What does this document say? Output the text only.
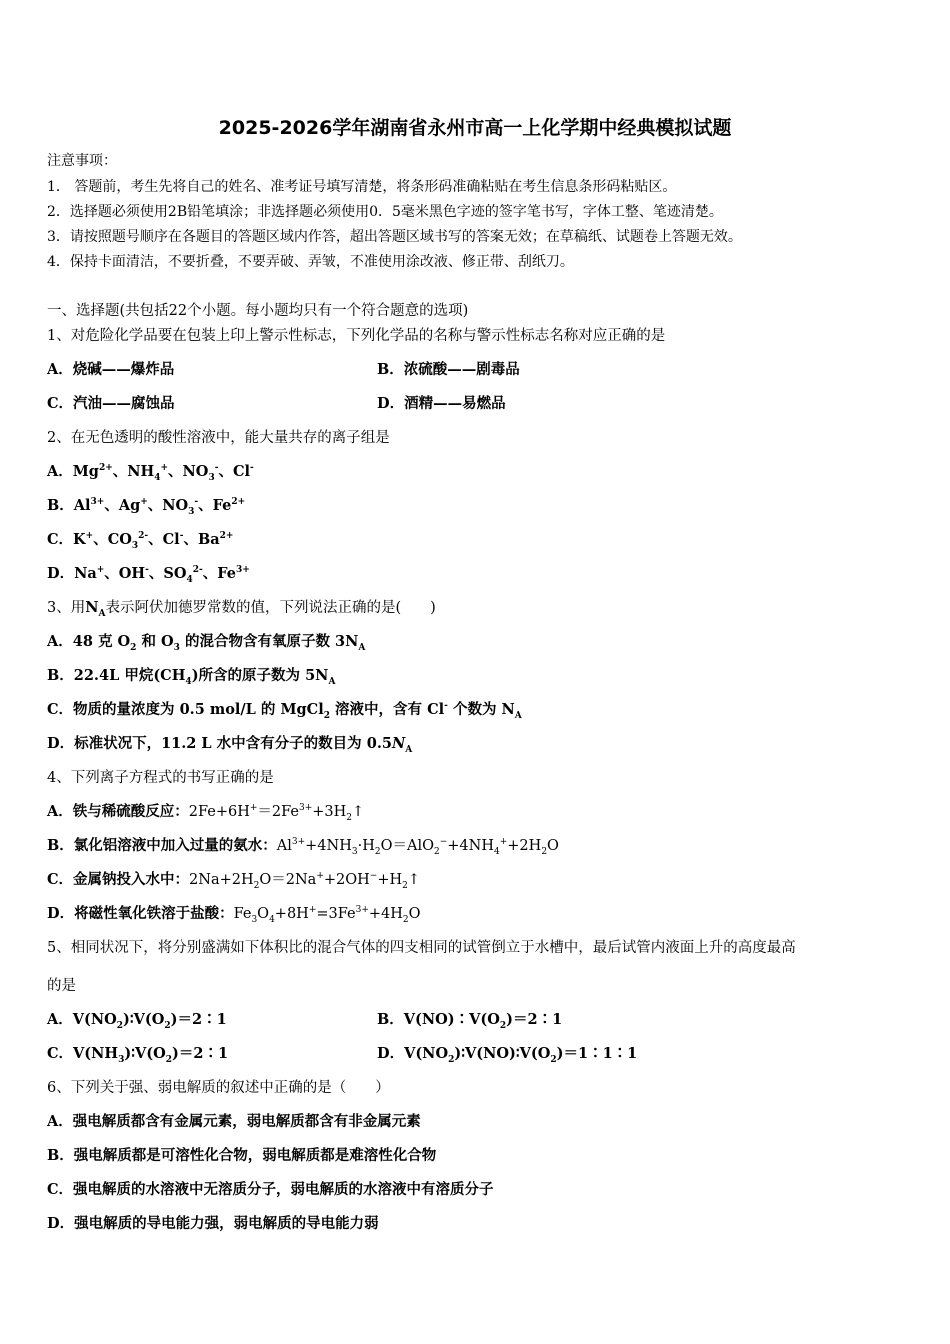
2025-2026学年湖南省永州市高一上化学期中经典模拟试题
注意事项：
1． 答题前，考生先将自己的姓名、准考证号填写清楚，将条形码准确粘贴在考生信息条形码粘贴区。
2．选择题必须使用2B铅笔填涂；非选择题必须使用0．5毫米黑色字迹的签字笔书写，字体工整、笔迹清楚。
3．请按照题号顺序在各题目的答题区域内作答，超出答题区域书写的答案无效；在草稿纸、试题卷上答题无效。
4．保持卡面清洁，不要折叠，不要弄破、弄皱，不准使用涂改液、修正带、刮纸刀。
一、选择题(共包括22个小题。每小题均只有一个符合题意的选项)
1、对危险化学品要在包装上印上警示性标志，下列化学品的名称与警示性标志名称对应正确的是
A．烧碱——爆炸品	B．浓硫酸——剧毒品
C．汽油——腐蚀品	D．酒精——易燃品
2、在无色透明的酸性溶液中，能大量共存的离子组是
A．$Mg^{2+}$、$NH_4^+$、$NO_3^-$、Cl-
B．$Al^{3+}$、Ag+、$NO_3^-$、$Fe^{2+}$
C．K+、$CO_3^{2-}$、Cl-、$Ba^{2+}$
D．Na+、OH-、$SO_4^{2-}$、$Fe^{3+}$
3、用$N_A$表示阿伏加德罗常数的值，下列说法正确的是(　　)
A．48 克 $O_2$ 和 $O_3$ 的混合物含有氧原子数 $3N_A$
B．22.4L 甲烷$(CH_4)$所含的原子数为 $5N_A$
C．物质的量浓度为 0.5 mol/L 的 MgCl$_2$ 溶液中，含有 Cl- 个数为 $N_A$
D．标准状况下，11.2 L 水中含有分子的数目为 $0.5N_A$
4、下列离子方程式的书写正确的是
A．铁与稀硫酸反应：$2Fe+6H^+=2Fe^{3+}+3H_2↑$
B．氯化铝溶液中加入过量的氨水：$Al^{3+}+4NH_3\cdot H_2O=AlO_2^-+4NH_4^++2H_2O$
C．金属钠投入水中：$2Na+2H_2O=2Na^++2OH^-+H_2↑$
D．将磁性氧化铁溶于盐酸：$Fe_3O_4+8H^+=3Fe^{3+}+4H_2O$
5、相同状况下，将分别盛满如下体积比的混合气体的四支相同的试管倒立于水槽中，最后试管内液面上升的高度最高
的是
A．$V(NO_2)∶V(O_2)=2∶1$	B．$V(NO)∶V(O_2)=2∶1$
C．$V(NH_3)∶V(O_2)=2∶1$	D．$V(NO_2)∶V(NO)∶V(O_2)=1∶1∶1$
6、下列关于强、弱电解质的叙述中正确的是（　　）
A．强电解质都含有金属元素，弱电解质都含有非金属元素
B．强电解质都是可溶性化合物，弱电解质都是难溶性化合物
C．强电解质的水溶液中无溶质分子，弱电解质的水溶液中有溶质分子
D．强电解质的导电能力强，弱电解质的导电能力弱
